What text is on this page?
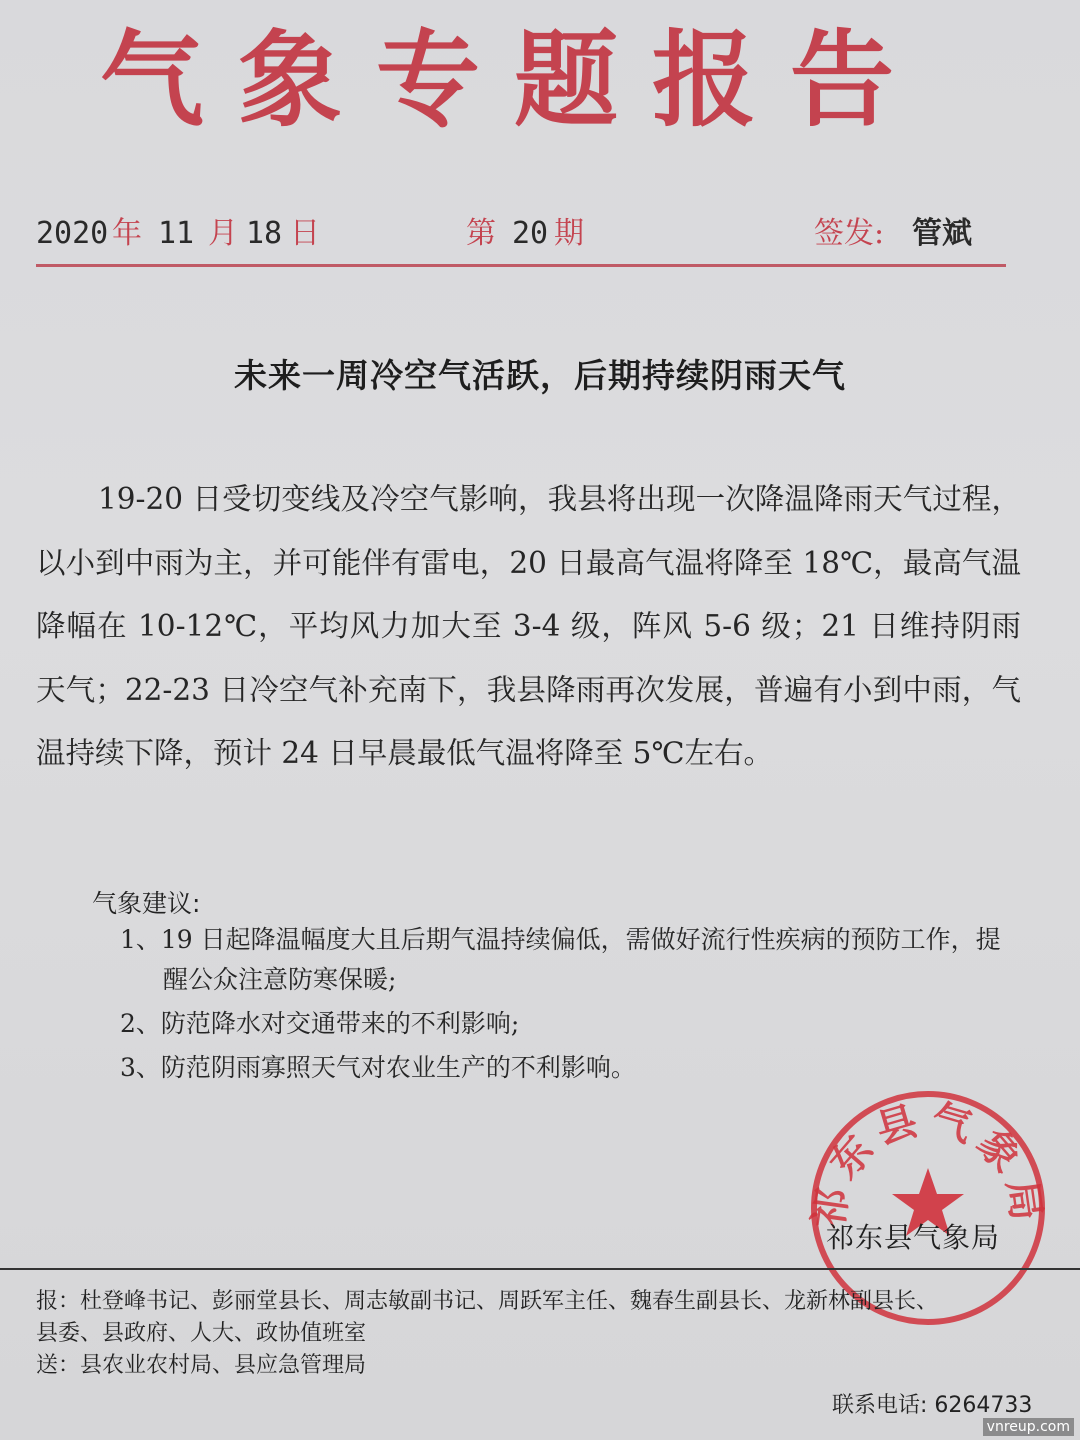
气象专题报告
2020 年 11 月 18 日	第 20 期	签发: 管斌
未来一周冷空气活跃，后期持续阴雨天气

19-20 日受切变线及冷空气影响，我县将出现一次降温降雨天气过程，以小到中雨为主，并可能伴有雷电，20 日最高气温将降至 18℃，最高气温降幅在 10-12℃，平均风力加大至 3-4 级，阵风 5-6 级；21 日维持阴雨天气；22-23 日冷空气补充南下，我县降雨再次发展，普遍有小到中雨，气温持续下降，预计 24 日早晨最低气温将降至 5℃左右。

气象建议:
1、19 日起降温幅度大且后期气温持续偏低，需做好流行性疾病的预防工作，提醒公众注意防寒保暖;
2、防范降水对交通带来的不利影响;
3、防范阴雨寡照天气对农业生产的不利影响。
祁东县气象局
祁东县气象局
报：杜登峰书记、彭丽堂县长、周志敏副书记、周跃军主任、魏春生副县长、龙新林副县长、
县委、县政府、人大、政协值班室
送：县农业农村局、县应急管理局
联系电话: 6264733
vnreup.com
